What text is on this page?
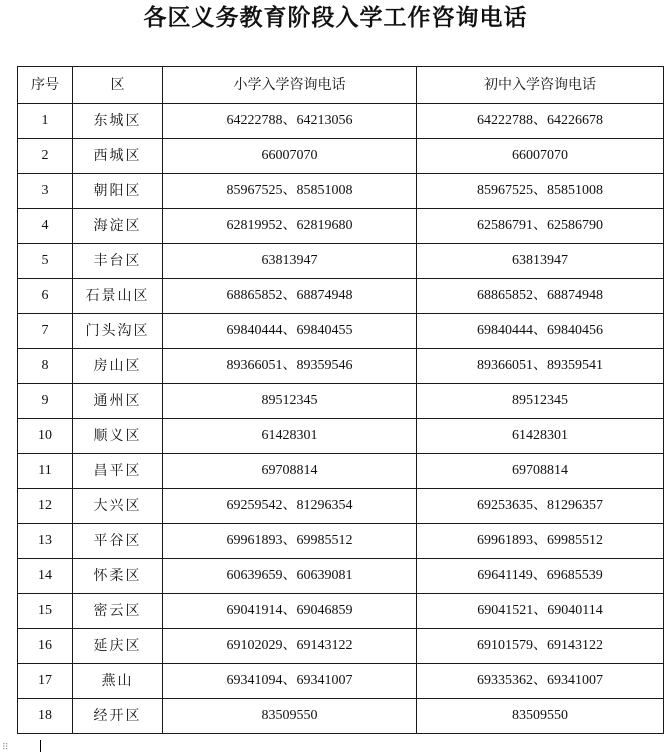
各区义务教育阶段入学工作咨询电话
序号	区	小学入学咨询电话	初中入学咨询电话
1	东城区	64222788、64213056	64222788、64226678
2	西城区	66007070	66007070
3	朝阳区	85967525、85851008	85967525、85851008
4	海淀区	62819952、62819680	62586791、62586790
5	丰台区	63813947	63813947
6	石景山区	68865852、68874948	68865852、68874948
7	门头沟区	69840444、69840455	69840444、69840456
8	房山区	89366051、89359546	89366051、89359541
9	通州区	89512345	89512345
10	顺义区	61428301	61428301
11	昌平区	69708814	69708814
12	大兴区	69259542、81296354	69253635、81296357
13	平谷区	69961893、69985512	69961893、69985512
14	怀柔区	60639659、60639081	69641149、69685539
15	密云区	69041914、69046859	69041521、69040114
16	延庆区	69102029、69143122	69101579、69143122
17	燕山	69341094、69341007	69335362、69341007
18	经开区	83509550	83509550
⠿
